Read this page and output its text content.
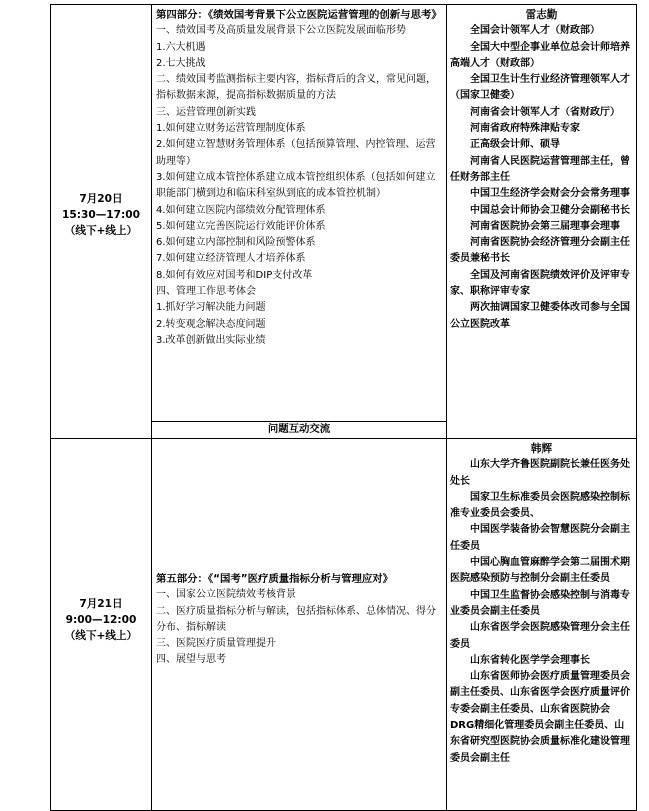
7月20日
15:30—17:00
（线下+线上）
第四部分：《绩效国考背景下公立医院运营管理的创新与思考》
一、绩效国考及高质量发展背景下公立医院发展面临形势
1.六大机遇
2.七大挑战
二、绩效国考监测指标主要内容，指标背后的含义，常见问题，指标数据来源，提高指标数据质量的方法
三、运营管理创新实践
1.如何建立财务运营管理制度体系
2.如何建立智慧财务管理体系（包括预算管理、内控管理、运营助理等）
3.如何建立成本管控体系建立成本管控组织体系（包括如何建立职能部门横到边和临床科室纵到底的成本管控机制）
4.如何建立医院内部绩效分配管理体系
5.如何建立完善医院运行效能评价体系
6.如何建立内部控制和风险预警体系
7.如何建立经济管理人才培养体系
8.如何有效应对国考和DIP支付改革
四、管理工作思考体会
1.抓好学习解决能力问题
2.转变观念解决态度问题
3.改革创新做出实际业绩
问题互动交流
雷志勤
全国会计领军人才（财政部）
全国大中型企事业单位总会计师培养高端人才（财政部）
全国卫生计生行业经济管理领军人才（国家卫健委）
河南省会计领军人才（省财政厅）
河南省政府特殊津贴专家
正高级会计师、硕导
河南省人民医院运营管理部主任，曾任财务部主任
中国卫生经济学会财会分会常务理事
中国总会计师协会卫健分会副秘书长
河南省医院协会第三届理事会理事
河南省医院协会经济管理分会副主任委员兼秘书长
全国及河南省医院绩效评价及评审专家、职称评审专家
两次抽调国家卫健委体改司参与全国公立医院改革
7月21日
9:00—12:00
（线下+线上）
第五部分：《“国考”医疗质量指标分析与管理应对》
一、国家公立医院绩效考核背景
二、医疗质量指标分析与解读，包括指标体系、总体情况、得分分布、指标解读
三、医院医疗质量管理提升
四、展望与思考
韩辉
山东大学齐鲁医院副院长兼任医务处处长
国家卫生标准委员会医院感染控制标准专业委员会委员、
中国医学装备协会智慧医院分会副主任委员
中国心胸血管麻醉学会第二届围术期医院感染预防与控制分会副主任委员
中国卫生监督协会感染控制与消毒专业委员会副主任委员
山东省医学会医院感染管理分会主任委员
山东省转化医学学会理事长
山东省医师协会医疗质量管理委员会副主任委员、山东省医学会医疗质量评价专委会副主任委员、山东省医院协会DRG精细化管理委员会副主任委员、山东省研究型医院协会质量标准化建设管理委员会副主任
